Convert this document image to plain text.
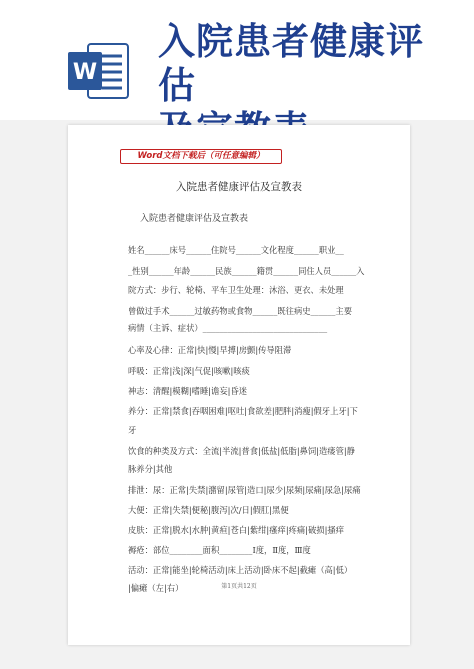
W
入院患者健康评估
Word文档下载后（可任意编辑）
入院患者健康评估及宣教表
入院患者健康评估及宣教表
姓名______床号______住院号______文化程度______职业__
_性别______年龄______民族______籍贯______同住人员______入
院方式：步行、轮椅、平车卫生处理：沐浴、更衣、未处理
曾做过手术______过敏药物或食物______既往病史______主要
病情（主诉、症状）______________________________
心率及心律：正常|快|慢|早搏|房颤|传导阻滞
呼吸：正常|浅|深|气促|咳嗽|咳痰
神志：清醒|模糊|嗜睡|谵妄|昏迷
养分：正常|禁食|吞咽困难|呕吐|食欲差|肥胖|消瘦|假牙上牙|下
牙
饮食的种类及方式：全流|半流|普食|低盐|低脂|鼻饲|造瘘管|静
脉养分|其他
排泄：尿：正常|失禁|潴留|尿管|造口|尿少|尿频|尿痛|尿急|尿痛
大便：正常|失禁|便秘|腹泻|次/日|假肛|黑便
皮肤：正常|脱水|水肿|黄疸|苍白|紫绀|瘙痒|疼痛|破损|搔痒
褥疮：部位________面积________Ⅰ度，Ⅱ度，Ⅲ度
活动：正常|能坐|轮椅活动|床上活动|卧床不起|截瘫（高|低）
|偏瘫（左|右）	第1页共12页
